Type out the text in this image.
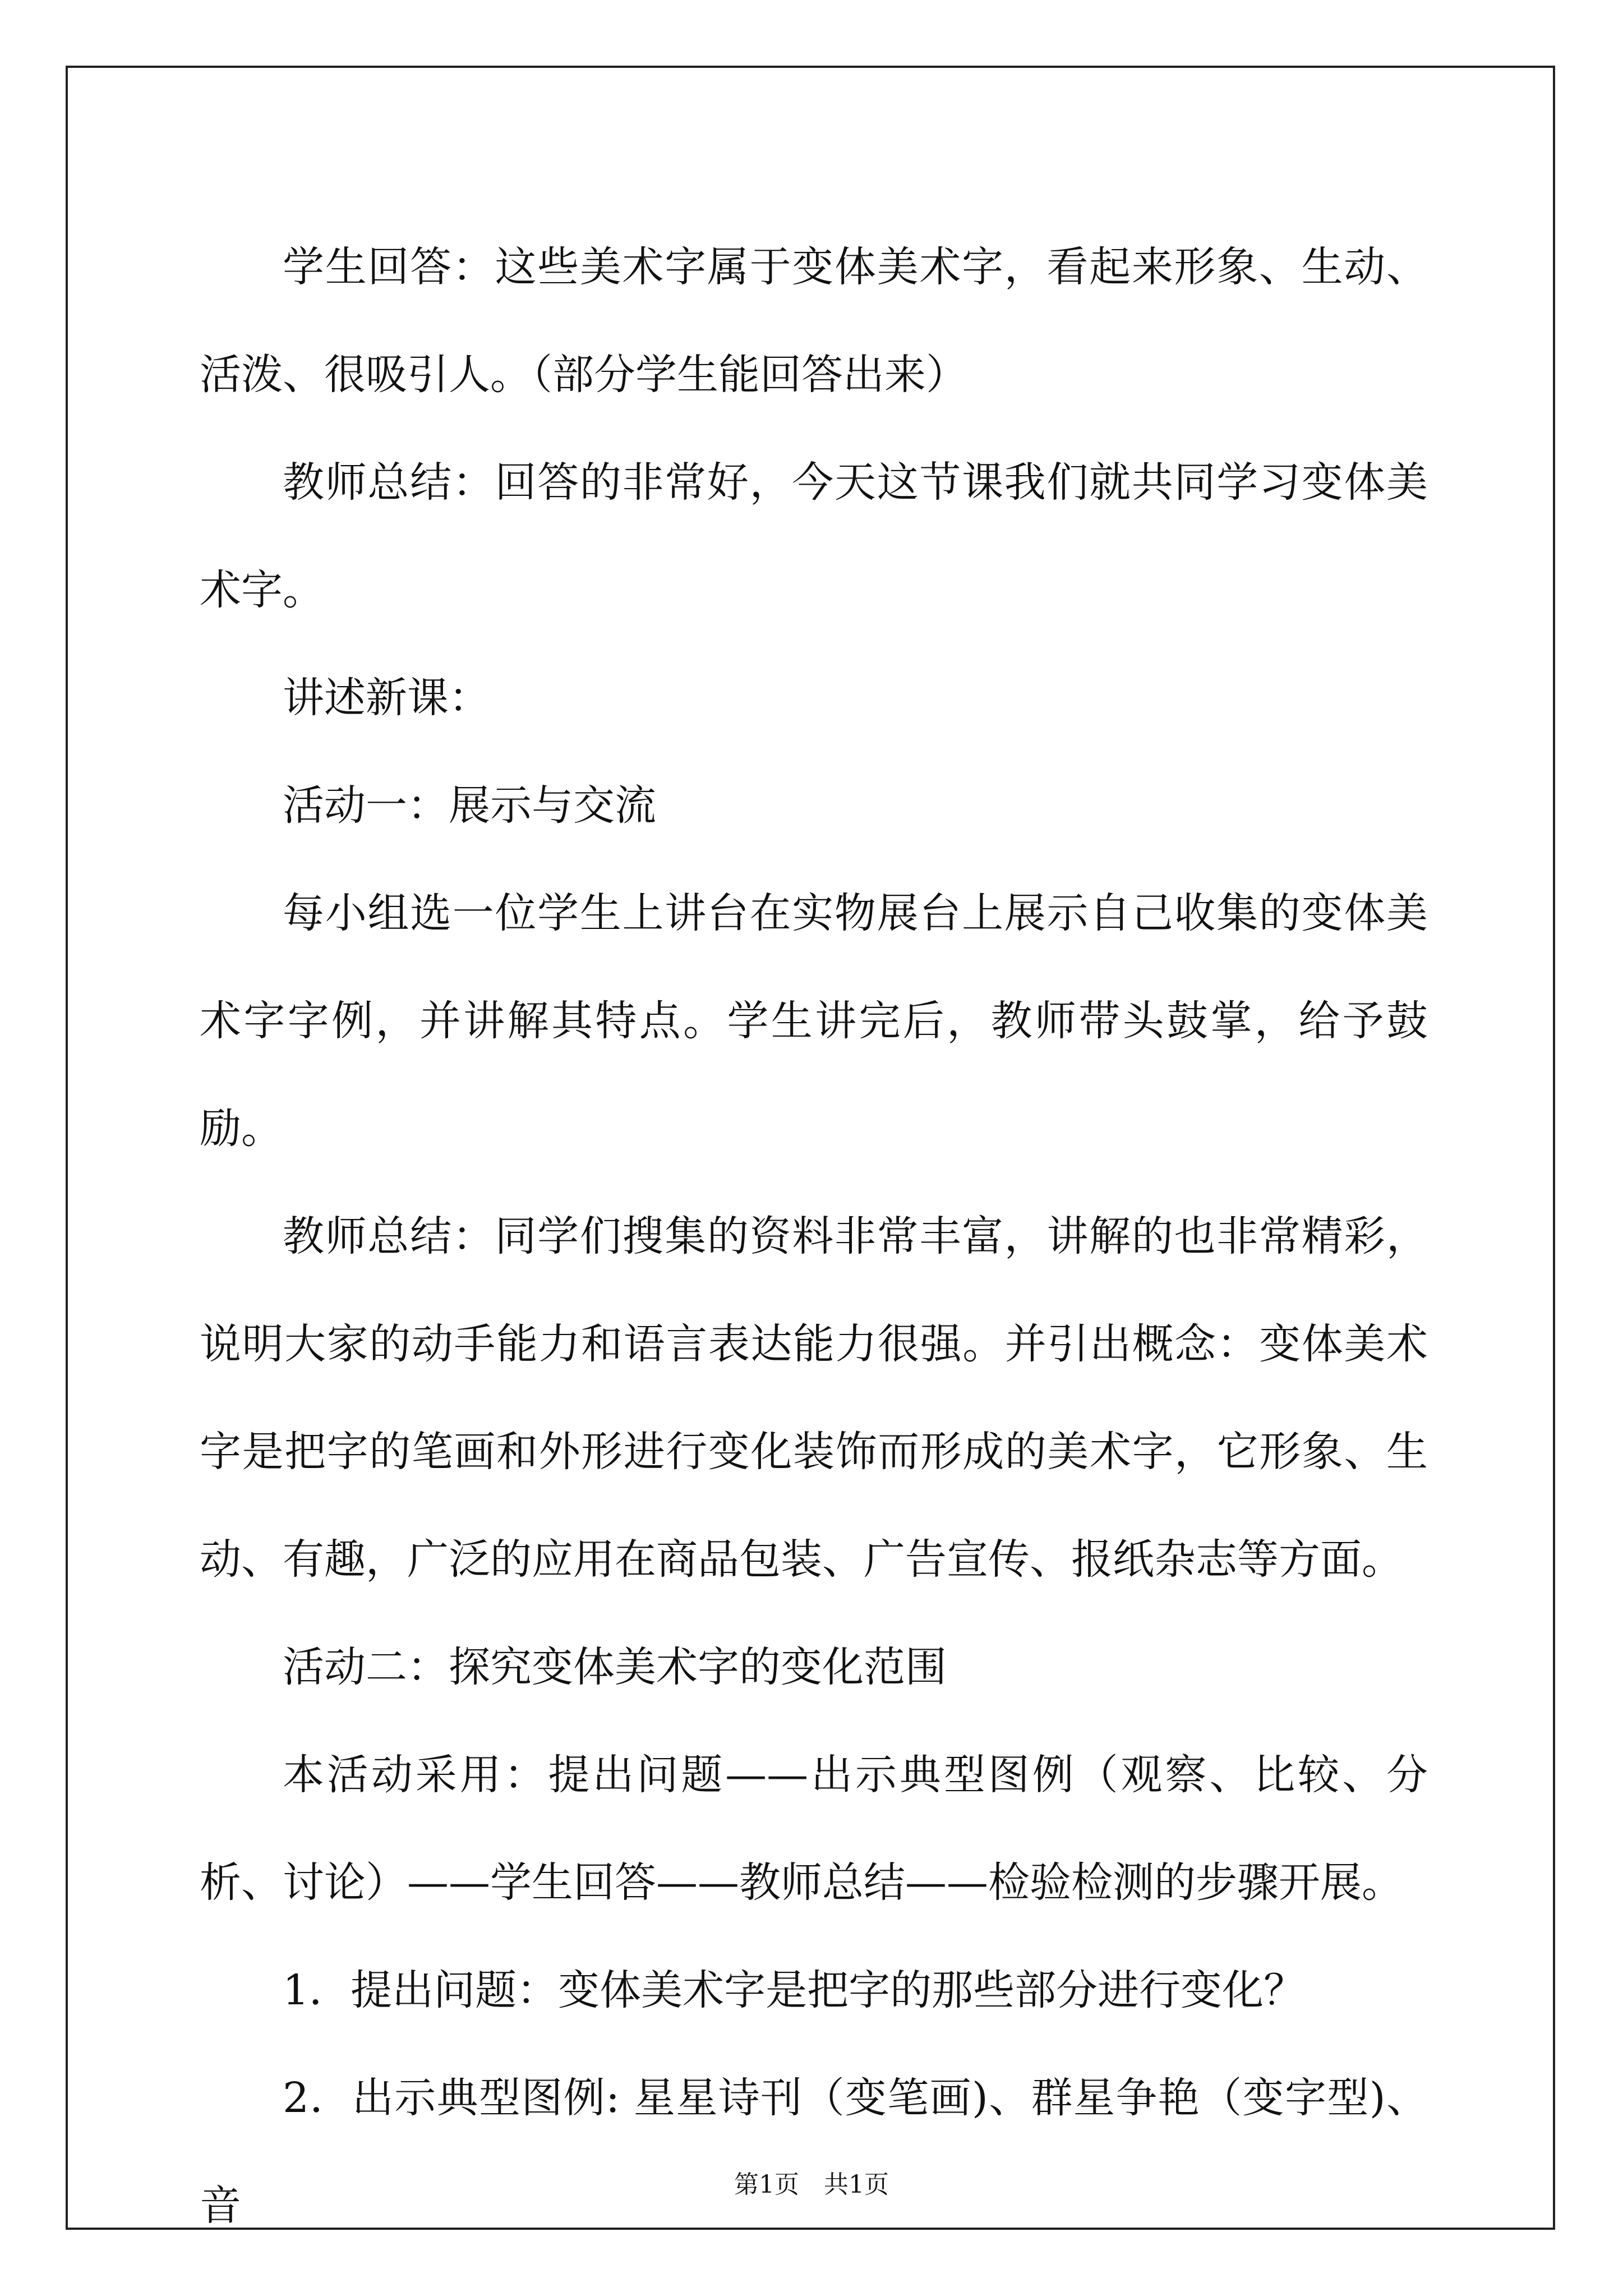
学生回答：这些美术字属于变体美术字，看起来形象、生动、活泼、很吸引人。（部分学生能回答出来）

教师总结：回答的非常好，今天这节课我们就共同学习变体美术字。

讲述新课：

活动一：展示与交流

每小组选一位学生上讲台在实物展台上展示自己收集的变体美术字字例，并讲解其特点。学生讲完后，教师带头鼓掌，给予鼓励。

教师总结：同学们搜集的资料非常丰富，讲解的也非常精彩，说明大家的动手能力和语言表达能力很强。并引出概念：变体美术字是把字的笔画和外形进行变化装饰而形成的美术字，它形象、生动、有趣，广泛的应用在商品包装、广告宣传、报纸杂志等方面。

活动二：探究变体美术字的变化范围

本活动采用：提出问题——出示典型图例（观察、比较、分析、讨论）——学生回答——教师总结——检验检测的步骤开展。

1．提出问题：变体美术字是把字的那些部分进行变化？

2．出示典型图例: 星星诗刊（变笔画)、群星争艳（变字型)、音	第1页　共1页
